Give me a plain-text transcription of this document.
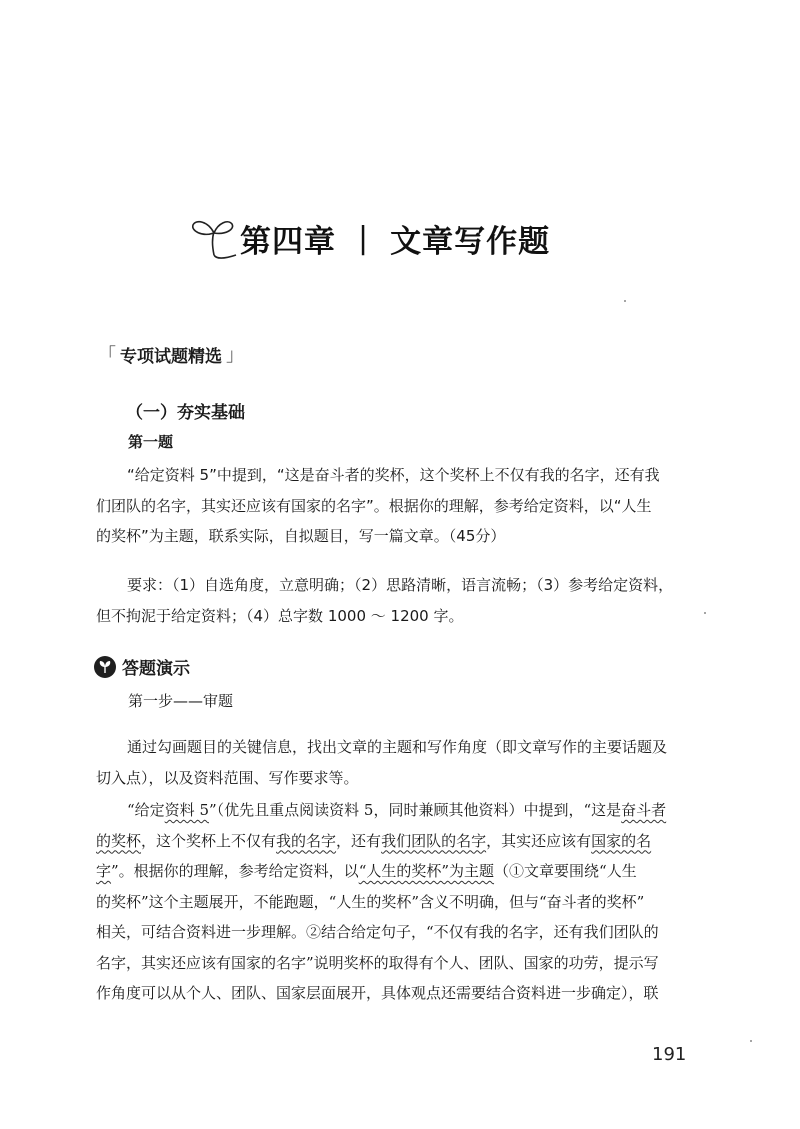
第四章 | 文章写作题
「 专项试题精选 」
（一）夯实基础
第一题
“给定资料 5”中提到，“这是奋斗者的奖杯，这个奖杯上不仅有我的名字，还有我
们团队的名字，其实还应该有国家的名字”。根据你的理解，参考给定资料，以“人生
的奖杯”为主题，联系实际，自拟题目，写一篇文章。（45分）
要求：（1）自选角度，立意明确；（2）思路清晰，语言流畅；（3）参考给定资料，
但不拘泥于给定资料；（4）总字数 1000 ～ 1200 字。
答题演示
第一步——审题
通过勾画题目的关键信息，找出文章的主题和写作角度（即文章写作的主要话题及
切入点），以及资料范围、写作要求等。
“给定资料 5”（优先且重点阅读资料 5，同时兼顾其他资料）中提到，“这是奋斗者
的奖杯，这个奖杯上不仅有我的名字，还有我们团队的名字，其实还应该有国家的名
字”。根据你的理解，参考给定资料，以“人生的奖杯”为主题（①文章要围绕“人生
的奖杯”这个主题展开，不能跑题，“人生的奖杯”含义不明确，但与“奋斗者的奖杯”
相关，可结合资料进一步理解。②结合给定句子，“不仅有我的名字，还有我们团队的
名字，其实还应该有国家的名字”说明奖杯的取得有个人、团队、国家的功劳，提示写
作角度可以从个人、团队、国家层面展开，具体观点还需要结合资料进一步确定），联
191
